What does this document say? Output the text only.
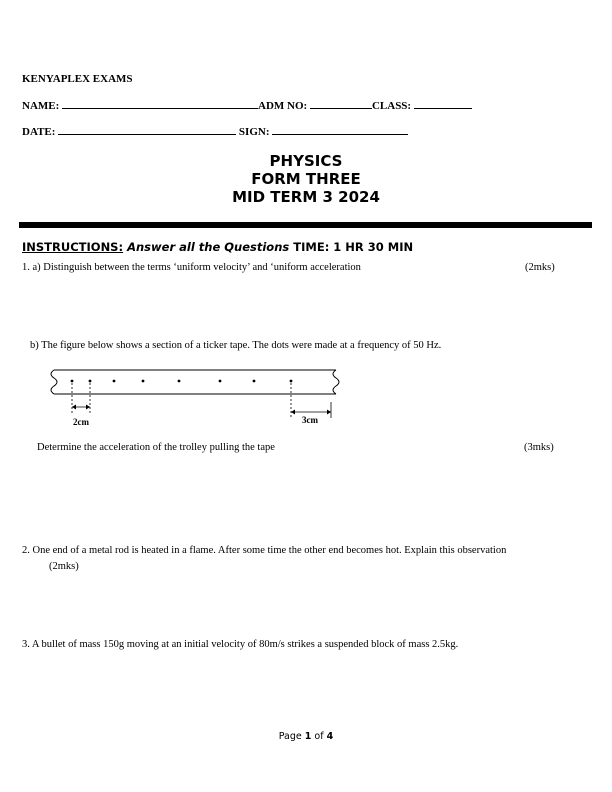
KENYAPLEX EXAMS
NAME:	ADM NO:	CLASS:
DATE:	SIGN:
PHYSICS
FORM THREE
MID TERM 3 2024
INSTRUCTIONS: Answer all the Questions TIME: 1 HR 30 MIN
1. a) Distinguish between the terms ‘uniform velocity’ and ‘uniform acceleration	(2mks)
b) The figure below shows a section of a ticker tape. The dots were made at a frequency of 50 Hz.
2cm	3cm
Determine the acceleration of the trolley pulling the tape	(3mks)
2. One end of a metal rod is heated in a flame. After some time the other end becomes hot. Explain this observation
(2mks)
3. A bullet of mass 150g moving at an initial velocity of 80m/s strikes a suspended block of mass 2.5kg.
Page 1 of 4
